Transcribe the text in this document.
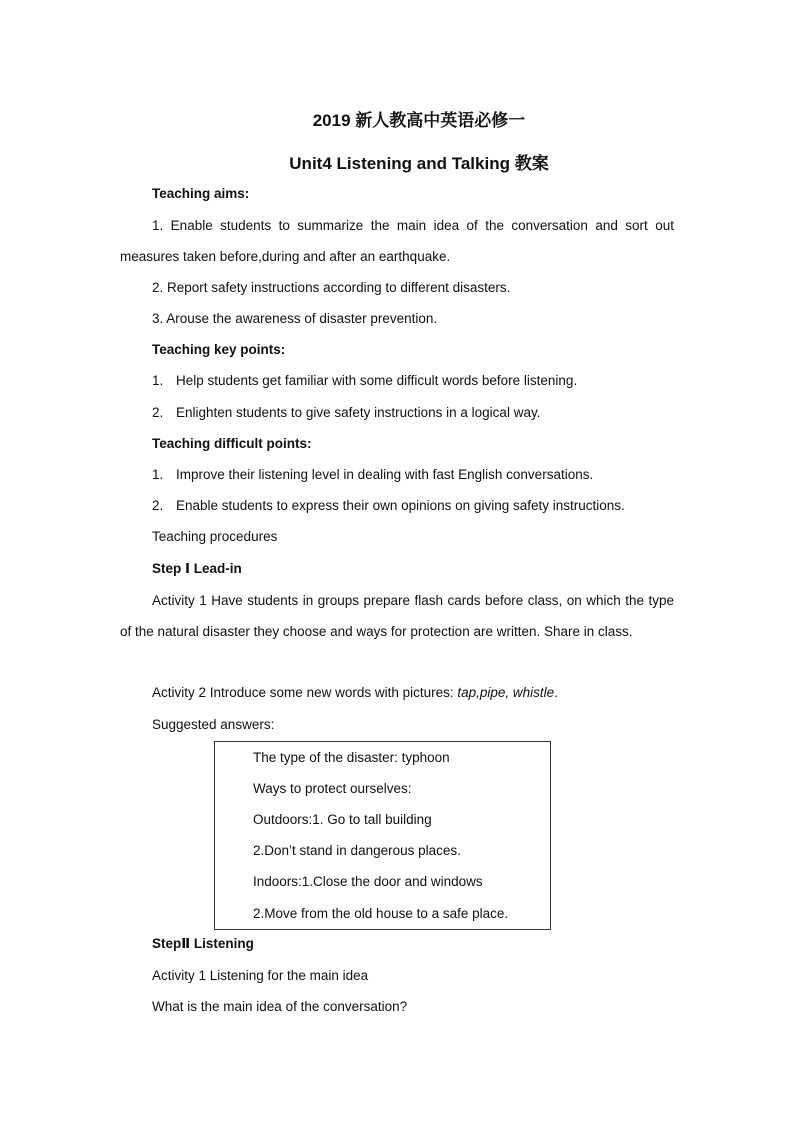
2019 新人教高中英语必修一
Unit4 Listening and Talking 教案
Teaching aims:
1. Enable students to summarize the main idea of the conversation and sort out measures taken before,during and after an earthquake.
2. Report safety instructions according to different disasters.
3. Arouse the awareness of disaster prevention.
Teaching key points:
1. Help students get familiar with some difficult words before listening.
2. Enlighten students to give safety instructions in a logical way.
Teaching difficult points:
1. Improve their listening level in dealing with fast English conversations.
2. Enable students to express their own opinions on giving safety instructions.
Teaching procedures
Step Ⅰ Lead-in
Activity 1 Have students in groups prepare flash cards before class, on which the type of the natural disaster they choose and ways for protection are written. Share in class.
Activity 2 Introduce some new words with pictures: tap,pipe, whistle.
Suggested answers:
The type of the disaster: typhoon
Ways to protect ourselves:
Outdoors:1. Go to tall building
2.Don’t stand in dangerous places.
Indoors:1.Close the door and windows
2.Move from the old house to a safe place.
StepⅡ Listening
Activity 1 Listening for the main idea
What is the main idea of the conversation?
